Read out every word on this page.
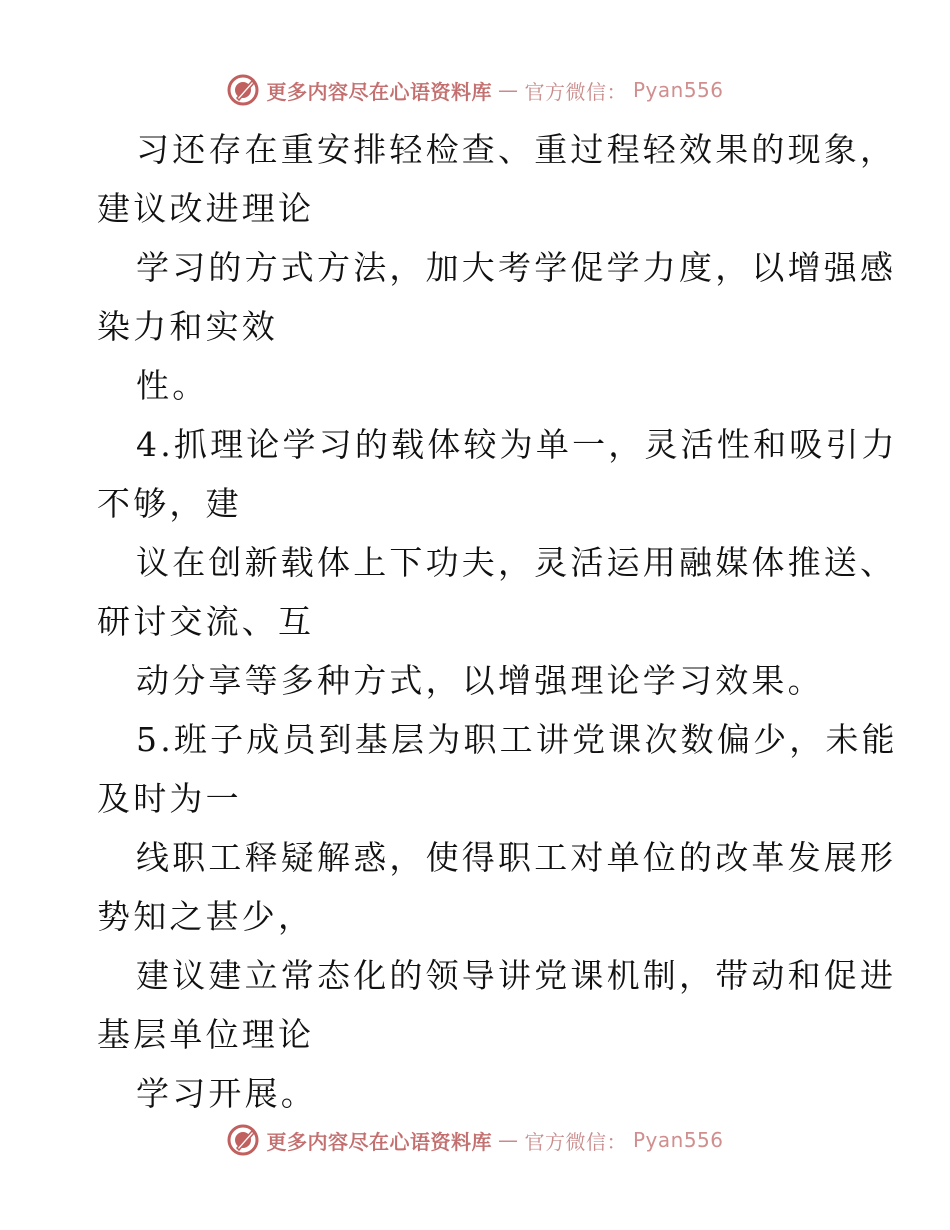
更多内容尽在心语资料库 — 官方微信： Pyan556
习还存在重安排轻检查、重过程轻效果的现象，
建议改进理论
学习的方式方法，加大考学促学力度，以增强感
染力和实效
性。
4.抓理论学习的载体较为单一，灵活性和吸引力
不够，建
议在创新载体上下功夫，灵活运用融媒体推送、
研讨交流、互
动分享等多种方式，以增强理论学习效果。
5.班子成员到基层为职工讲党课次数偏少，未能
及时为一
线职工释疑解惑，使得职工对单位的改革发展形
势知之甚少，
建议建立常态化的领导讲党课机制，带动和促进
基层单位理论
学习开展。
更多内容尽在心语资料库 — 官方微信： Pyan556
